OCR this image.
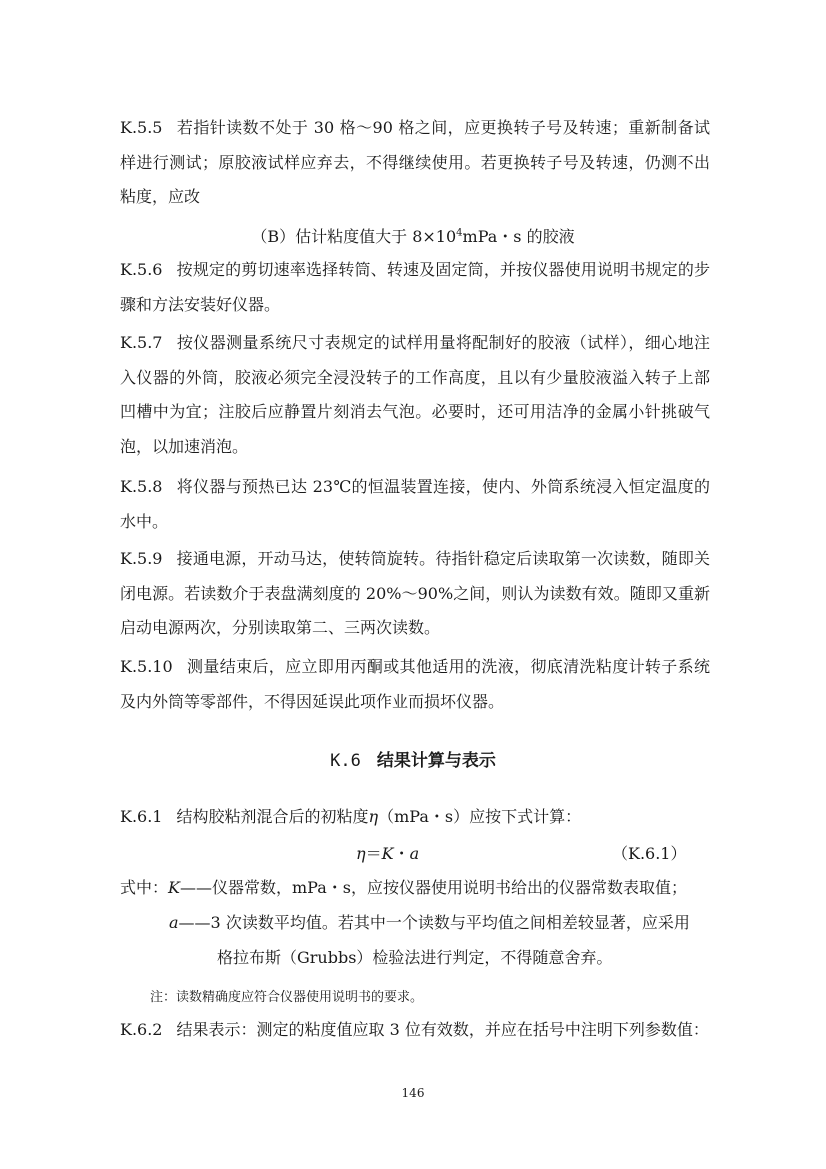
K.5.5 若指针读数不处于 30 格～90 格之间，应更换转子号及转速；重新制备试样进行测试；原胶液试样应弃去，不得继续使用。若更换转子号及转速，仍测不出粘度，应改

（B）估计粘度值大于 $8\times 10^4mPa$・s 的胶液

K.5.6 按规定的剪切速率选择转筒、转速及固定筒，并按仪器使用说明书规定的步骤和方法安装好仪器。

K.5.7 按仪器测量系统尺寸表规定的试样用量将配制好的胶液（试样），细心地注入仪器的外筒，胶液必须完全浸没转子的工作高度，且以有少量胶液溢入转子上部凹槽中为宜；注胶后应静置片刻消去气泡。必要时，还可用洁净的金属小针挑破气泡，以加速消泡。

K.5.8 将仪器与预热已达 23℃的恒温装置连接，使内、外筒系统浸入恒定温度的水中。

K.5.9 接通电源，开动马达，使转筒旋转。待指针稳定后读取第一次读数，随即关闭电源。若读数介于表盘满刻度的 20%～90%之间，则认为读数有效。随即又重新启动电源两次，分别读取第二、三两次读数。

K.5.10 测量结束后，应立即用丙酮或其他适用的洗液，彻底清洗粘度计转子系统及内外筒等零部件，不得因延误此项作业而损坏仪器。

K.6 结果计算与表示

K.6.1 结构胶粘剂混合后的初粘度η（mPa・s）应按下式计算：

η＝K・a	（K.6.1）
式中：K——仪器常数，mPa・s，应按仪器使用说明书给出的仪器常数表取值；
a——3 次读数平均值。若其中一个读数与平均值之间相差较显著，应采用
格拉布斯（Grubbs）检验法进行判定，不得随意舍弃。
注：读数精确度应符合仪器使用说明书的要求。

K.6.2 结果表示：测定的粘度值应取 3 位有效数，并应在括号中注明下列参数值：

146
